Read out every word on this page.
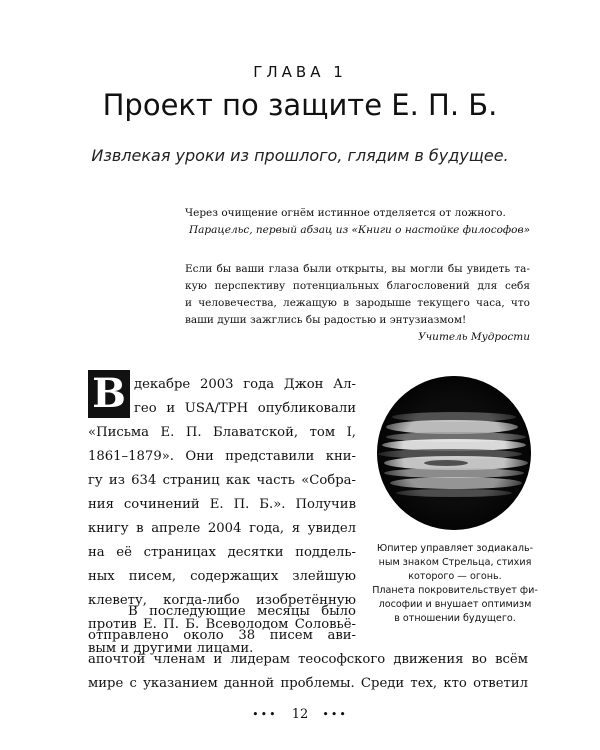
ГЛАВА 1
Проект по защите Е. П. Б.
Извлекая уроки из прошлого, глядим в будущее.
Через очищение огнём истинное отделяется от ложного.
Парацельс, первый абзац из «Книги о настойке философов»
Если бы ваши глаза были открыты, вы могли бы увидеть та-
кую перспективу потенциальных благословений для себя
и человечества, лежащую в зародыше текущего часа, что
ваши души зажглись бы радостью и энтузиазмом!
Учитель Мудрости
В декабре 2003 года Джон Ал-
гео и USA/TPH опубликовали
«Письма Е. П. Блаватской, том I,
1861–1879». Они представили кни-
гу из 634 страниц как часть «Собра-
ния сочинений Е. П. Б.». Получив
книгу в апреле 2004 года, я увидел
на её страницах десятки поддель-
ных писем, содержащих злейшую
клевету, когда-либо изобретённую
против Е. П. Б. Всеволодом Соловьё-
вым и другими лицами.
В последующие месяцы было
отправлено около 38 писем ави-
апочтой членам и лидерам теософского движения во всём
мире с указанием данной проблемы. Среди тех, кто ответил
Юпитер управляет зодиакаль-
ным знаком Стрельца, стихия
которого — огонь.
Планета покровительствует фи-
лософии и внушает оптимизм
в отношении будущего.
••• 12 •••
